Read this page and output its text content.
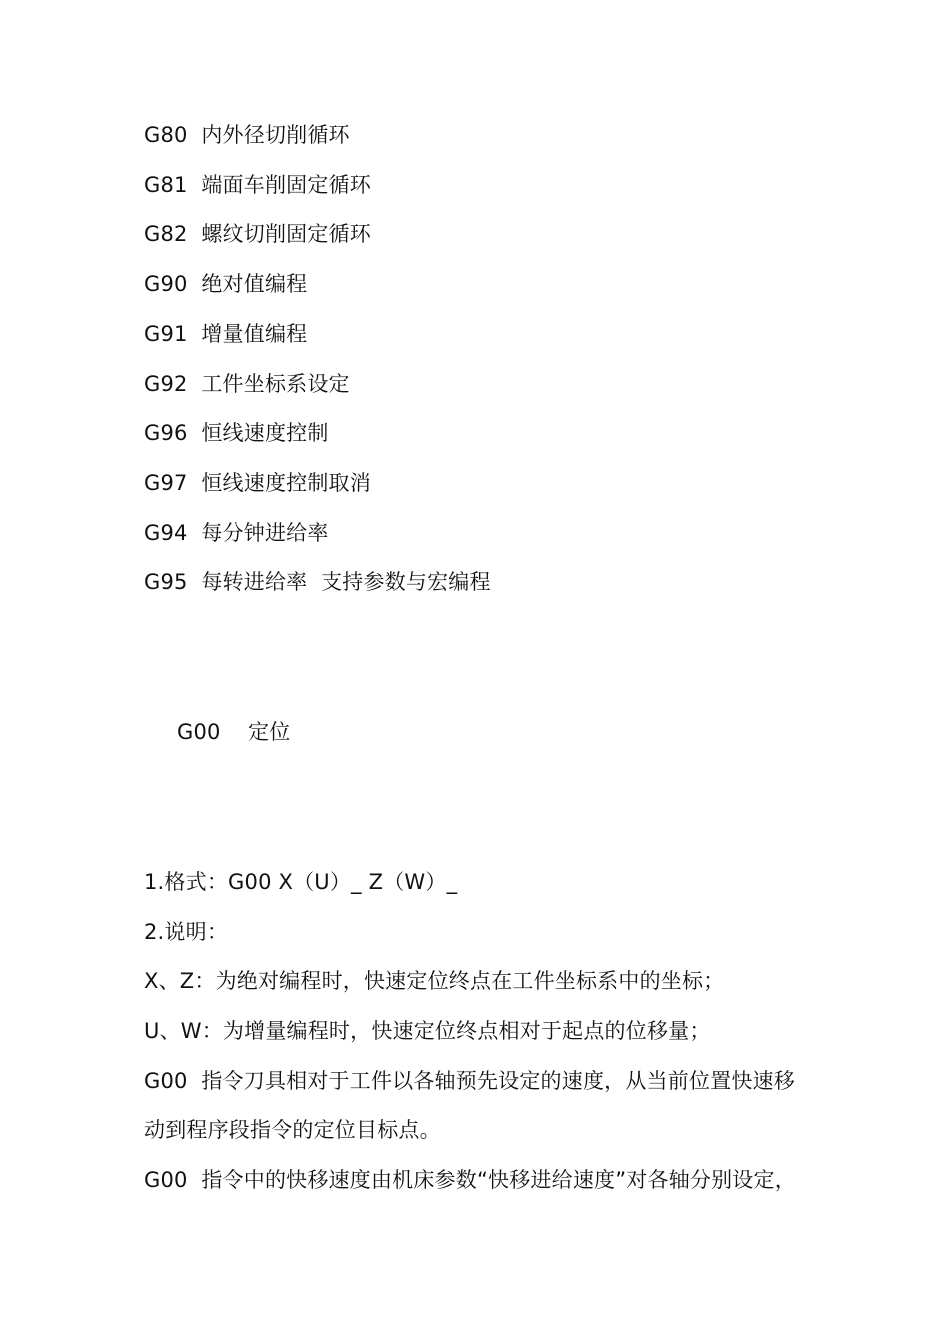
G80  内外径切削循环
G81  端面车削固定循环
G82  螺纹切削固定循环
G90  绝对值编程
G91  增量值编程
G92  工件坐标系设定
G96  恒线速度控制
G97  恒线速度控制取消
G94  每分钟进给率
G95  每转进给率  支持参数与宏编程
G00    定位
1.格式：G00 X（U）_ Z（W）_
2.说明：
X、Z：为绝对编程时，快速定位终点在工件坐标系中的坐标；
U、W：为增量编程时，快速定位终点相对于起点的位移量；
G00  指令刀具相对于工件以各轴预先设定的速度，从当前位置快速移
动到程序段指令的定位目标点。
G00  指令中的快移速度由机床参数“快移进给速度”对各轴分别设定，
